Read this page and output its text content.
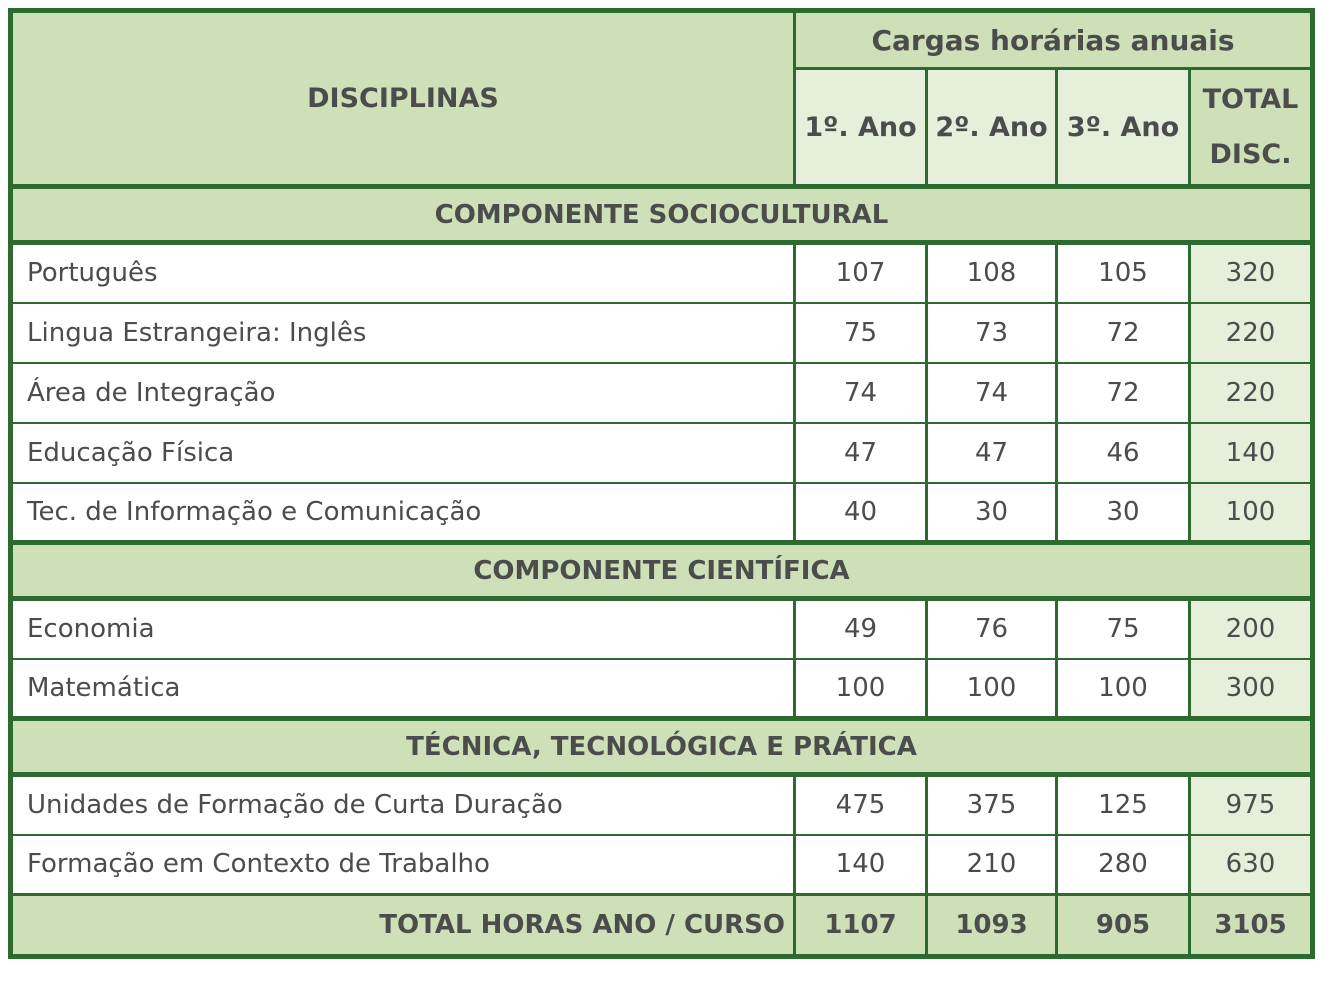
DISCIPLINAS	Cargas horárias anuais			
	1º. Ano	2º. Ano	3º. Ano	TOTAL
DISC.

COMPONENTE SOCIOCULTURAL				
Português	107	108	105	320
Lingua Estrangeira: Inglês	75	73	72	220
Área de Integração	74	74	72	220
Educação Física	47	47	46	140
Tec. de Informação e Comunicação	40	30	30	100
COMPONENTE CIENTÍFICA				
Economia	49	76	75	200
Matemática	100	100	100	300
TÉCNICA, TECNOLÓGICA E PRÁTICA				
Unidades de Formação de Curta Duração	475	375	125	975
Formação em Contexto de Trabalho	140	210	280	630
TOTAL HORAS ANO / CURSO	1107	1093	905	3105
